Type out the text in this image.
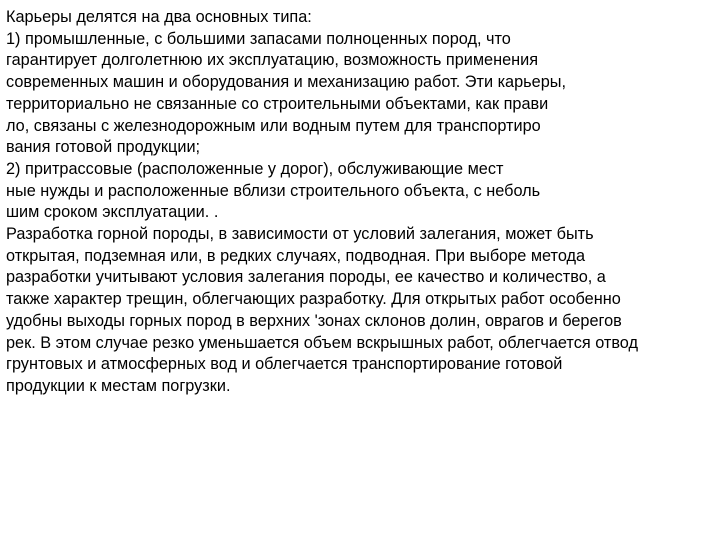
Карьеры делятся на два основных типа:
1) промышленные, с большими запасами полноценных пород, что
гарантирует долголетнюю их эксплуатацию, возможность применения
современных машин и оборудования и механизацию работ. Эти карьеры,
территориально не связанные со строительными объектами, как прави
ло, связаны с железнодорожным или водным путем для транспортиро
вания готовой продукции;
2) притрассовые (расположенные у дорог), обслуживающие мест
ные нужды и расположенные вблизи строительного объекта, с неболь
шим сроком эксплуатации. .
Разработка горной породы, в зависимости от условий залегания, может быть
открытая, подземная или, в редких случаях, подводная. При выборе метода
разработки учитывают условия залегания породы, ее качество и количество, а
также характер трещин, облегчающих разработку. Для открытых работ особенно
удобны выходы горных пород в верхних 'зонах склонов долин, оврагов и берегов
рек. В этом случае резко уменьшается объем вскрышных работ, облегчается отвод
грунтовых и атмосферных вод и облегчается транспортирование готовой
продукции к местам погрузки.
